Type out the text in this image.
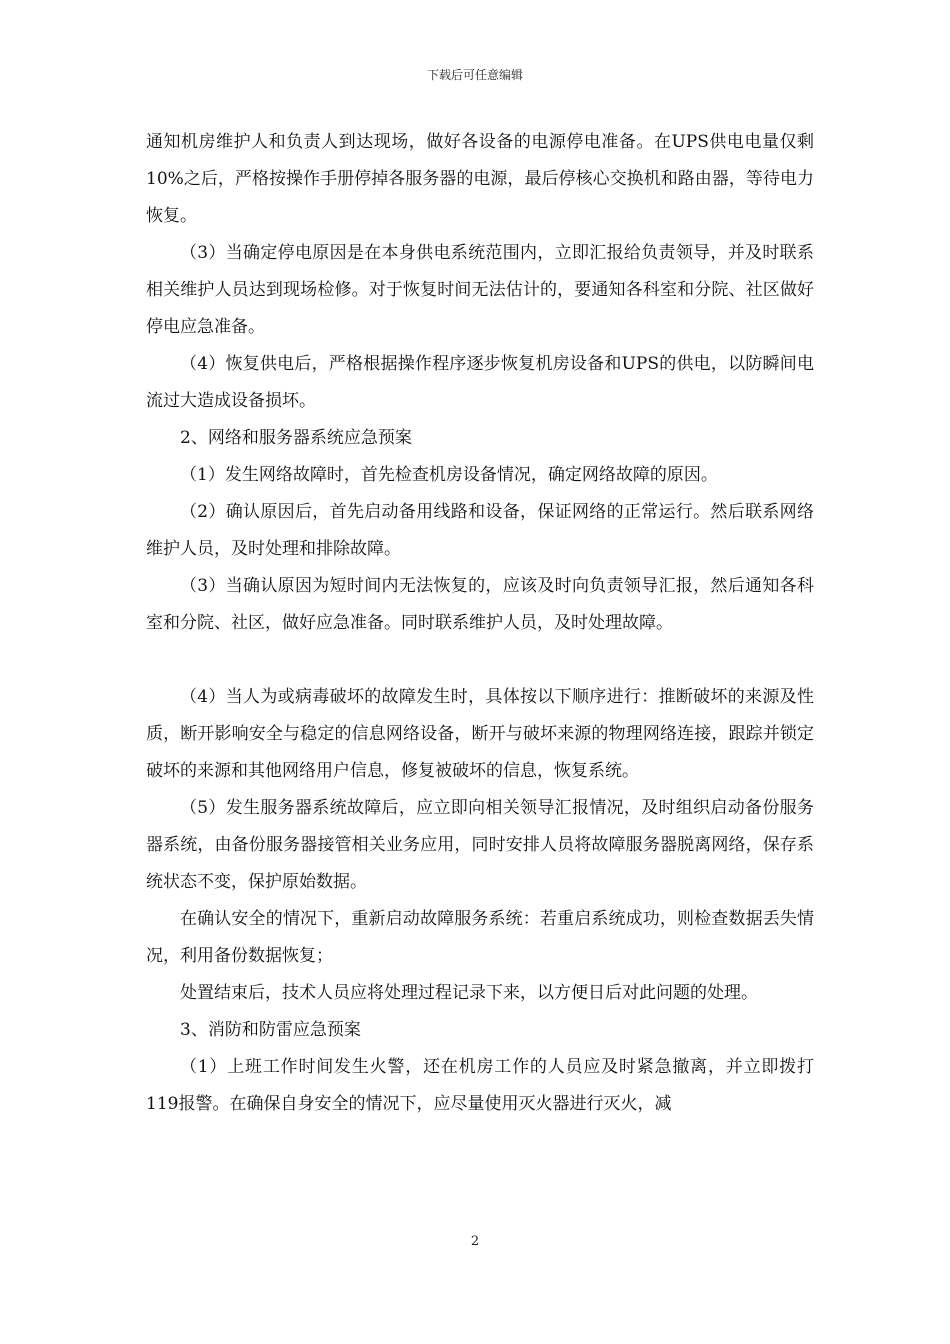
下载后可任意编辑

通知机房维护人和负责人到达现场，做好各设备的电源停电准备。在UPS供电电量仅剩10%之后，严格按操作手册停掉各服务器的电源，最后停核心交换机和路由器，等待电力恢复。

（3）当确定停电原因是在本身供电系统范围内，立即汇报给负责领导，并及时联系相关维护人员达到现场检修。对于恢复时间无法估计的，要通知各科室和分院、社区做好停电应急准备。

（4）恢复供电后，严格根据操作程序逐步恢复机房设备和UPS的供电，以防瞬间电流过大造成设备损坏。

2、网络和服务器系统应急预案

（1）发生网络故障时，首先检查机房设备情况，确定网络故障的原因。

（2）确认原因后，首先启动备用线路和设备，保证网络的正常运行。然后联系网络维护人员，及时处理和排除故障。

（3）当确认原因为短时间内无法恢复的，应该及时向负责领导汇报，然后通知各科室和分院、社区，做好应急准备。同时联系维护人员，及时处理故障。

（4）当人为或病毒破坏的故障发生时，具体按以下顺序进行：推断破坏的来源及性质，断开影响安全与稳定的信息网络设备，断开与破坏来源的物理网络连接，跟踪并锁定破坏的来源和其他网络用户信息，修复被破坏的信息，恢复系统。

（5）发生服务器系统故障后，应立即向相关领导汇报情况，及时组织启动备份服务器系统，由备份服务器接管相关业务应用，同时安排人员将故障服务器脱离网络，保存系统状态不变，保护原始数据。

在确认安全的情况下，重新启动故障服务系统：若重启系统成功，则检查数据丢失情况，利用备份数据恢复；

处置结束后，技术人员应将处理过程记录下来，以方便日后对此问题的处理。

3、消防和防雷应急预案

（1）上班工作时间发生火警，还在机房工作的人员应及时紧急撤离，并立即拨打119报警。在确保自身安全的情况下，应尽量使用灭火器进行灭火，减

2
